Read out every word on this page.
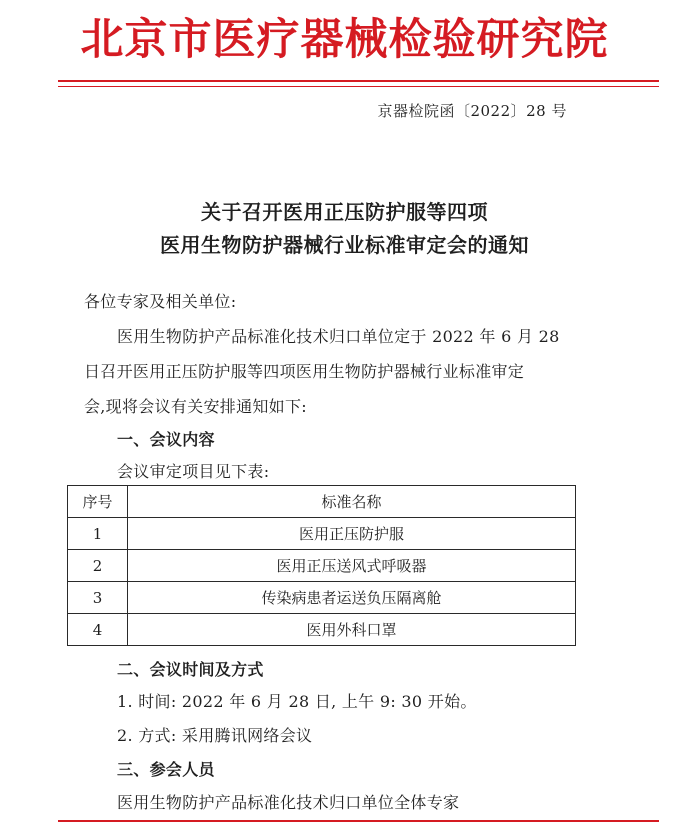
北京市医疗器械检验研究院
京器检院函〔2022〕28 号
关于召开医用正压防护服等四项
医用生物防护器械行业标准审定会的通知
各位专家及相关单位:
医用生物防护产品标准化技术归口单位定于 2022 年 6 月 28
日召开医用正压防护服等四项医用生物防护器械行业标准审定
会,现将会议有关安排通知如下:
一、会议内容
会议审定项目见下表:
序号	标准名称
1	医用正压防护服
2	医用正压送风式呼吸器
3	传染病患者运送负压隔离舱
4	医用外科口罩
二、会议时间及方式
1. 时间: 2022 年 6 月 28 日, 上午 9: 30 开始。
2. 方式: 采用腾讯网络会议
三、参会人员
医用生物防护产品标准化技术归口单位全体专家
